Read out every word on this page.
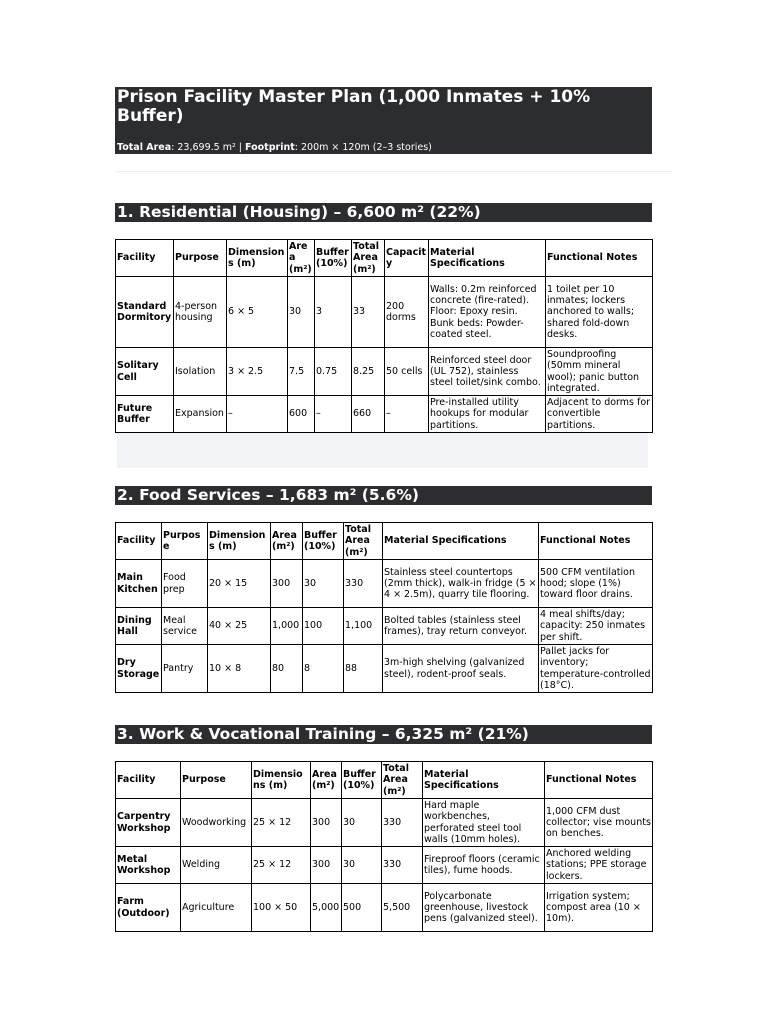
Prison Facility Master Plan (1,000 Inmates + 10% Buffer)
Total Area: 23,699.5 m² | Footprint: 200m × 120m (2–3 stories)
1. Residential (Housing) – 6,600 m² (22%)
Facility	Purpose	Dimensions (m)	Area (m²)	Buffer (10%)	Total Area (m²)	Capacity	Material Specifications	Functional Notes
Standard Dormitory	4-person housing	6 × 5	30	3	33	200 dorms	Walls: 0.2m reinforced concrete (fire-rated). Floor: Epoxy resin. Bunk beds: Powder-coated steel.	1 toilet per 10 inmates; lockers anchored to walls; shared fold-down desks.
Solitary Cell	Isolation	3 × 2.5	7.5	0.75	8.25	50 cells	Reinforced steel door (UL 752), stainless steel toilet/sink combo.	Soundproofing (50mm mineral wool); panic button integrated.
Future Buffer	Expansion	–	600	–	660	–	Pre-installed utility hookups for modular partitions.	Adjacent to dorms for convertible partitions.
2. Food Services – 1,683 m² (5.6%)
Facility	Purpose	Dimensions (m)	Area (m²)	Buffer (10%)	Total Area (m²)	Material Specifications	Functional Notes
Main Kitchen	Food prep	20 × 15	300	30	330	Stainless steel countertops (2mm thick), walk-in fridge (5 × 4 × 2.5m), quarry tile flooring.	500 CFM ventilation hood; slope (1%) toward floor drains.
Dining Hall	Meal service	40 × 25	1,000	100	1,100	Bolted tables (stainless steel frames), tray return conveyor.	4 meal shifts/day; capacity: 250 inmates per shift.
Dry Storage	Pantry	10 × 8	80	8	88	3m-high shelving (galvanized steel), rodent-proof seals.	Pallet jacks for inventory; temperature-controlled (18°C).
3. Work & Vocational Training – 6,325 m² (21%)
Facility	Purpose	Dimensions (m)	Area (m²)	Buffer (10%)	Total Area (m²)	Material Specifications	Functional Notes
Carpentry Workshop	Woodworking	25 × 12	300	30	330	Hard maple workbenches, perforated steel tool walls (10mm holes).	1,000 CFM dust collector; vise mounts on benches.
Metal Workshop	Welding	25 × 12	300	30	330	Fireproof floors (ceramic tiles), fume hoods.	Anchored welding stations; PPE storage lockers.
Farm (Outdoor)	Agriculture	100 × 50	5,000	500	5,500	Polycarbonate greenhouse, livestock pens (galvanized steel).	Irrigation system; compost area (10 × 10m).
